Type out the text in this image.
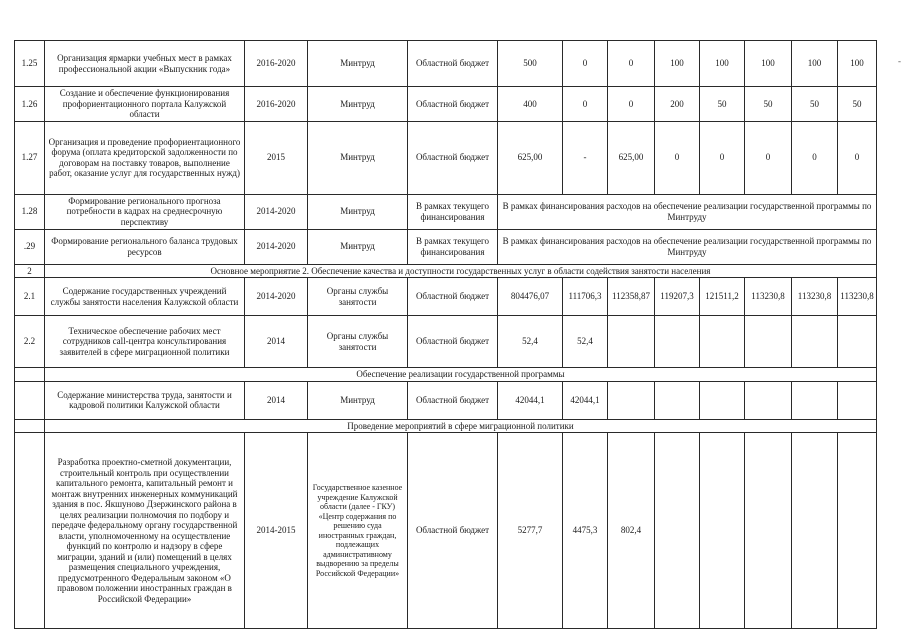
1.25	Организация ярмарки учебных мест в рамках профессиональной акции «Выпускник года»	2016-2020	Минтруд	Областной бюджет	500	0	0	100	100	100	100	100
1.26	Создание и обеспечение функционирования профориентационного портала Калужской области	2016-2020	Минтруд	Областной бюджет	400	0	0	200	50	50	50	50
1.27	Организация и проведение профориентационного форума (оплата кредиторской задолженности по договорам на поставку товаров, выполнение работ, оказание услуг для государственных нужд)	2015	Минтруд	Областной бюджет	625,00	-	625,00	0	0	0	0	0
1.28	Формирование регионального прогноза потребности в кадрах на среднесрочную перспективу	2014-2020	Минтруд	В рамках текущего финансирования	В рамках финансирования расходов на обеспечение реализации государственной программы по Минтруду							
.29	Формирование регионального баланса трудовых ресурсов	2014-2020	Минтруд	В рамках текущего финансирования	В рамках финансирования расходов на обеспечение реализации государственной программы по Минтруду							
2	Основное мероприятие 2. Обеспечение качества и доступности государственных услуг в области содействия занятости населения											
2.1	Содержание государственных учреждений службы занятости населения Калужской области	2014-2020	Органы службы занятости	Областной бюджет	804476,07	111706,3	112358,87	119207,3	121511,2	113230,8	113230,8	113230,8
2.2	Техническое обеспечение рабочих мест сотрудников call-центра консультирования заявителей в сфере миграционной политики	2014	Органы службы занятости	Областной бюджет	52,4	52,4						
	Обеспечение реализации государственной программы											
	Содержание министерства труда, занятости и кадровой политики Калужской области	2014	Минтруд	Областной бюджет	42044,1	42044,1						
	Проведение мероприятий в сфере миграционной политики											
	Разработка проектно-сметной документации, строительный контроль при осуществлении капитального ремонта, капитальный ремонт и монтаж внутренних инженерных коммуникаций здания в пос. Якшуново Дзержинского района в целях реализации полномочия по подбору и передаче федеральному органу государственной власти, уполномоченному на осуществление функций по контролю и надзору в сфере миграции, зданий и (или) помещений в целях размещения специального учреждения, предусмотренного Федеральным законом «О правовом положении иностранных граждан в Российской Федерации»	2014-2015	Государственное казенное учреждение Калужской области (далее - ГКУ) «Центр содержания по решению суда иностранных граждан, подлежащих административному выдворению за пределы Российской Федерации»	Областной бюджет	5277,7	4475,3	802,4					
-
